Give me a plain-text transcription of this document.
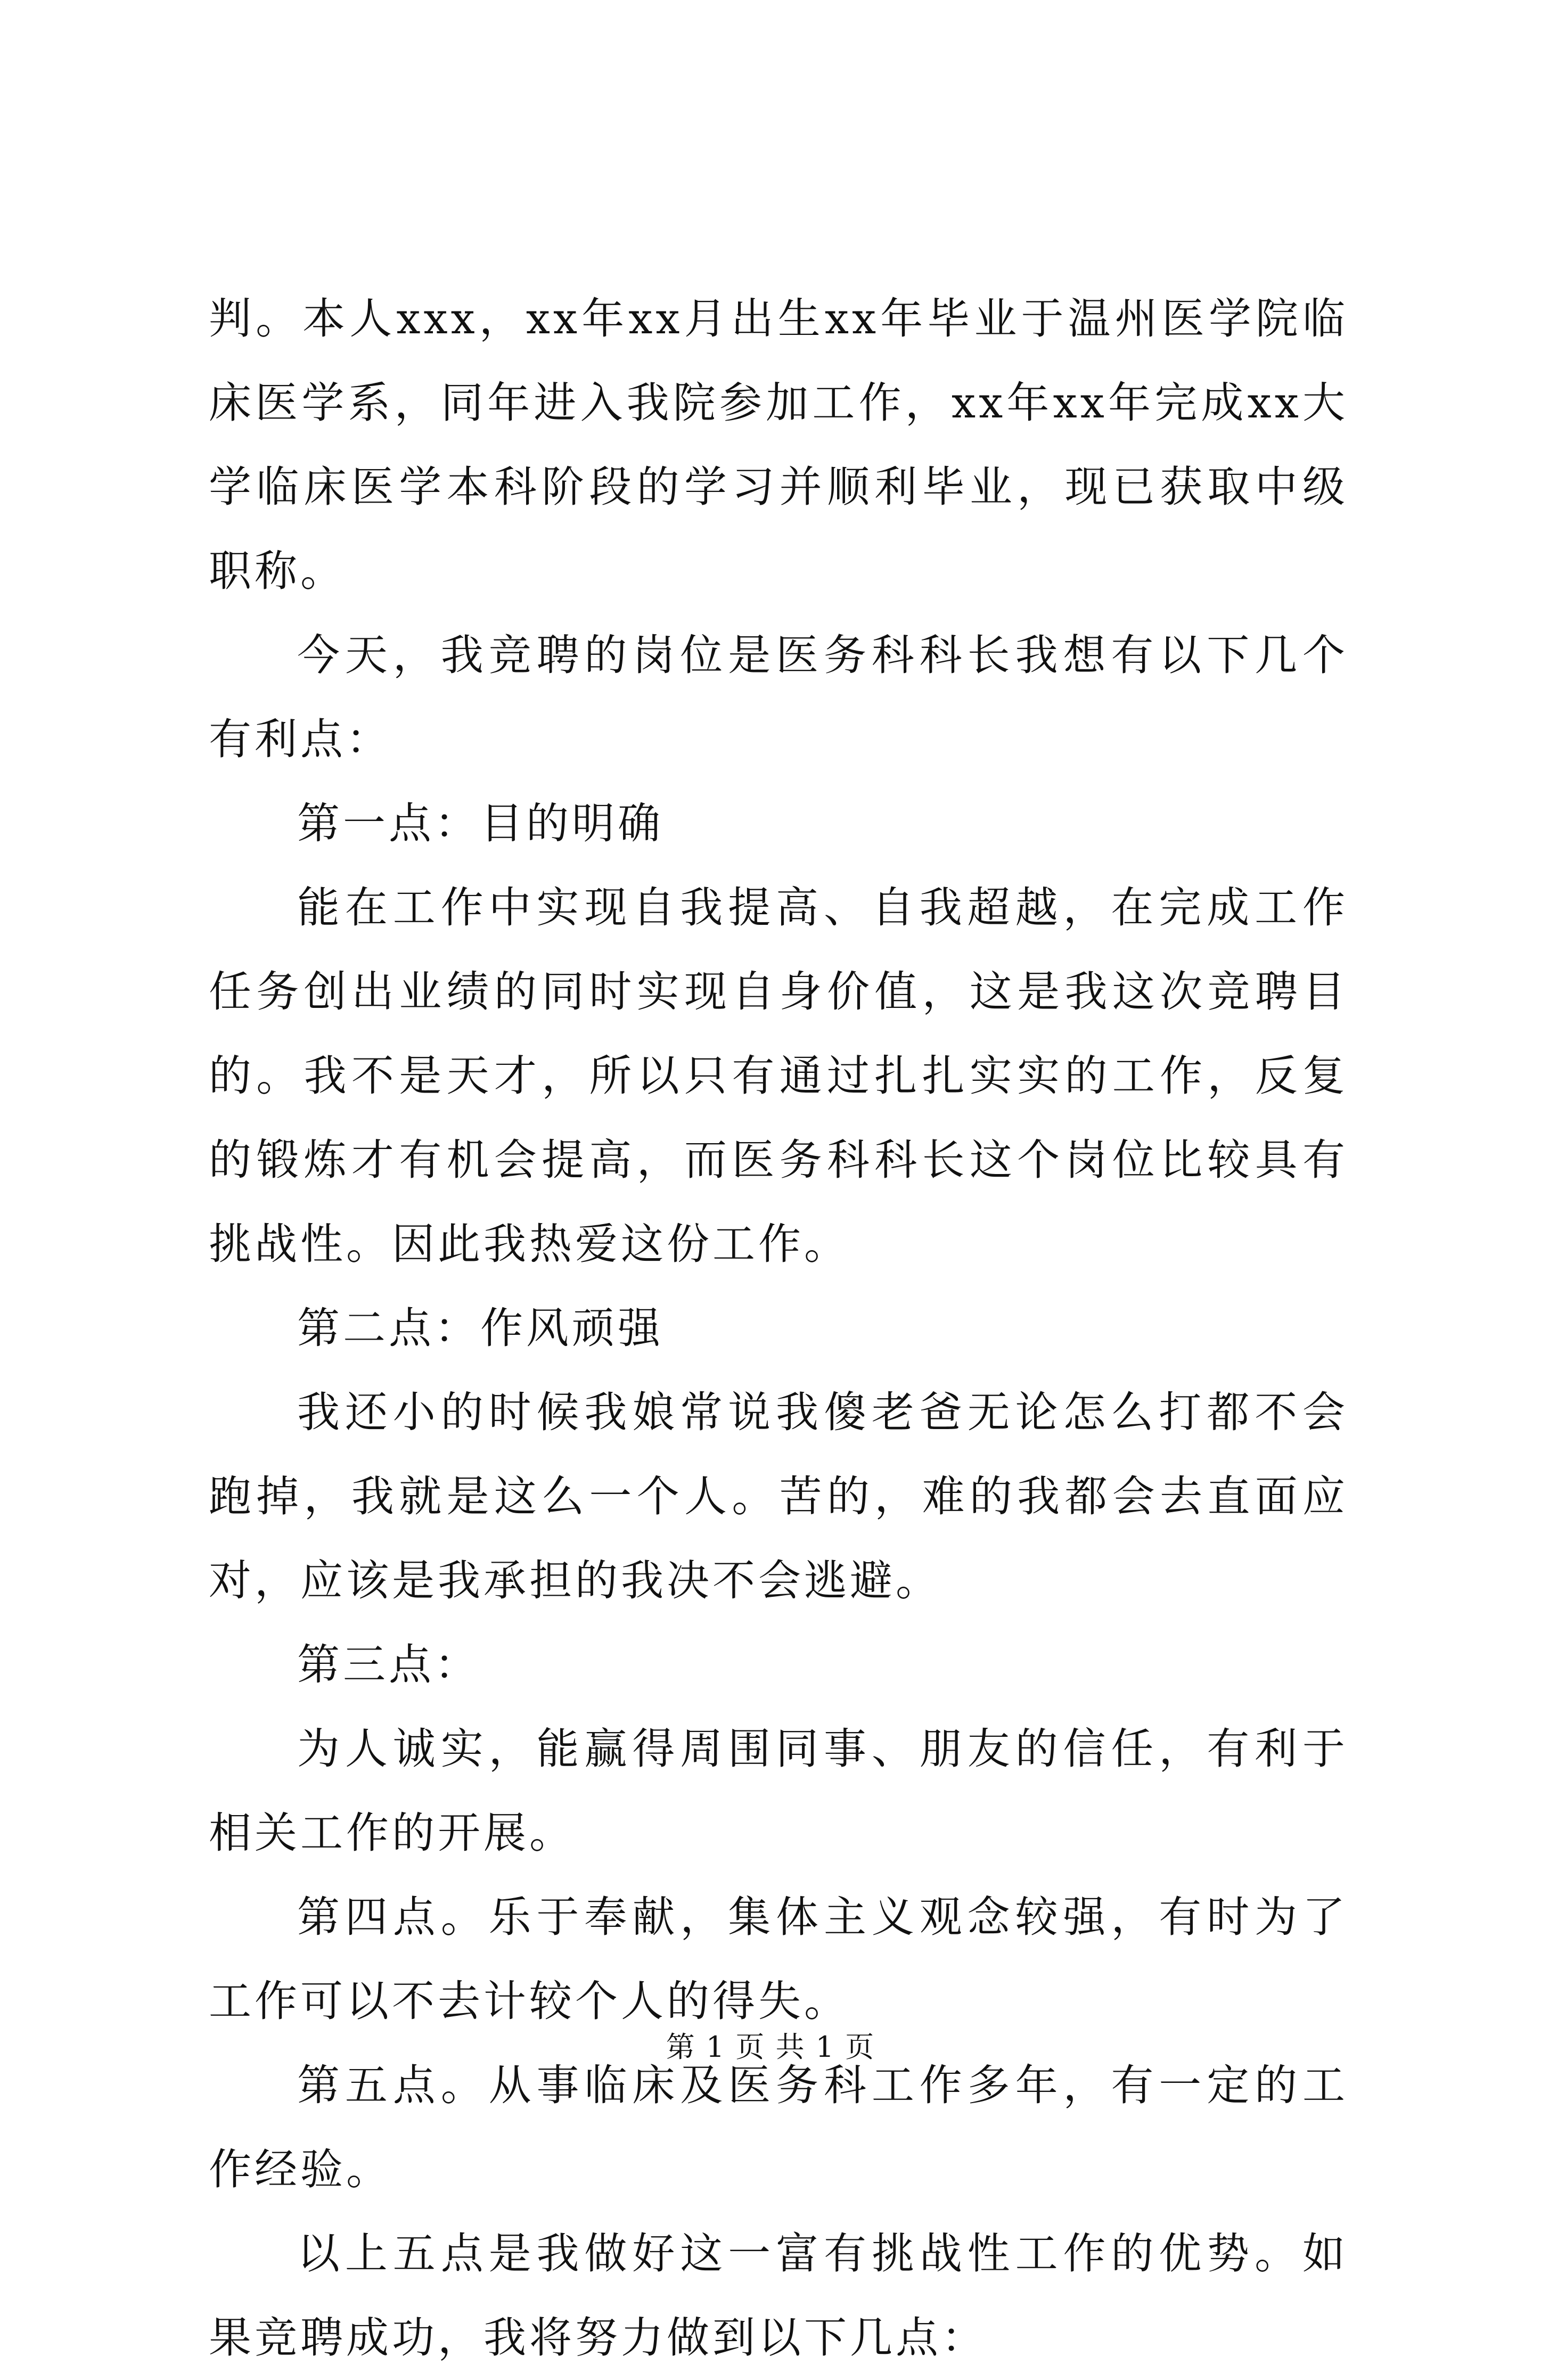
判。本人xxx，xx年xx月出生xx年毕业于温州医学院临床医学系，同年进入我院参加工作，xx年xx年完成xx大学临床医学本科阶段的学习并顺利毕业，现已获取中级职称。

今天，我竞聘的岗位是医务科科长我想有以下几个有利点：

第一点：目的明确

能在工作中实现自我提高、自我超越，在完成工作任务创出业绩的同时实现自身价值，这是我这次竞聘目的。我不是天才，所以只有通过扎扎实实的工作，反复的锻炼才有机会提高，而医务科科长这个岗位比较具有挑战性。因此我热爱这份工作。

第二点：作风顽强

我还小的时候我娘常说我傻老爸无论怎么打都不会跑掉，我就是这么一个人。苦的，难的我都会去直面应对，应该是我承担的我决不会逃避。

第三点：

为人诚实，能赢得周围同事、朋友的信任，有利于相关工作的开展。

第四点。乐于奉献，集体主义观念较强，有时为了工作可以不去计较个人的得失。

第五点。从事临床及医务科工作多年，有一定的工作经验。

以上五点是我做好这一富有挑战性工作的优势。如果竞聘成功，我将努力做到以下几点：

第 1 页 共 1 页
